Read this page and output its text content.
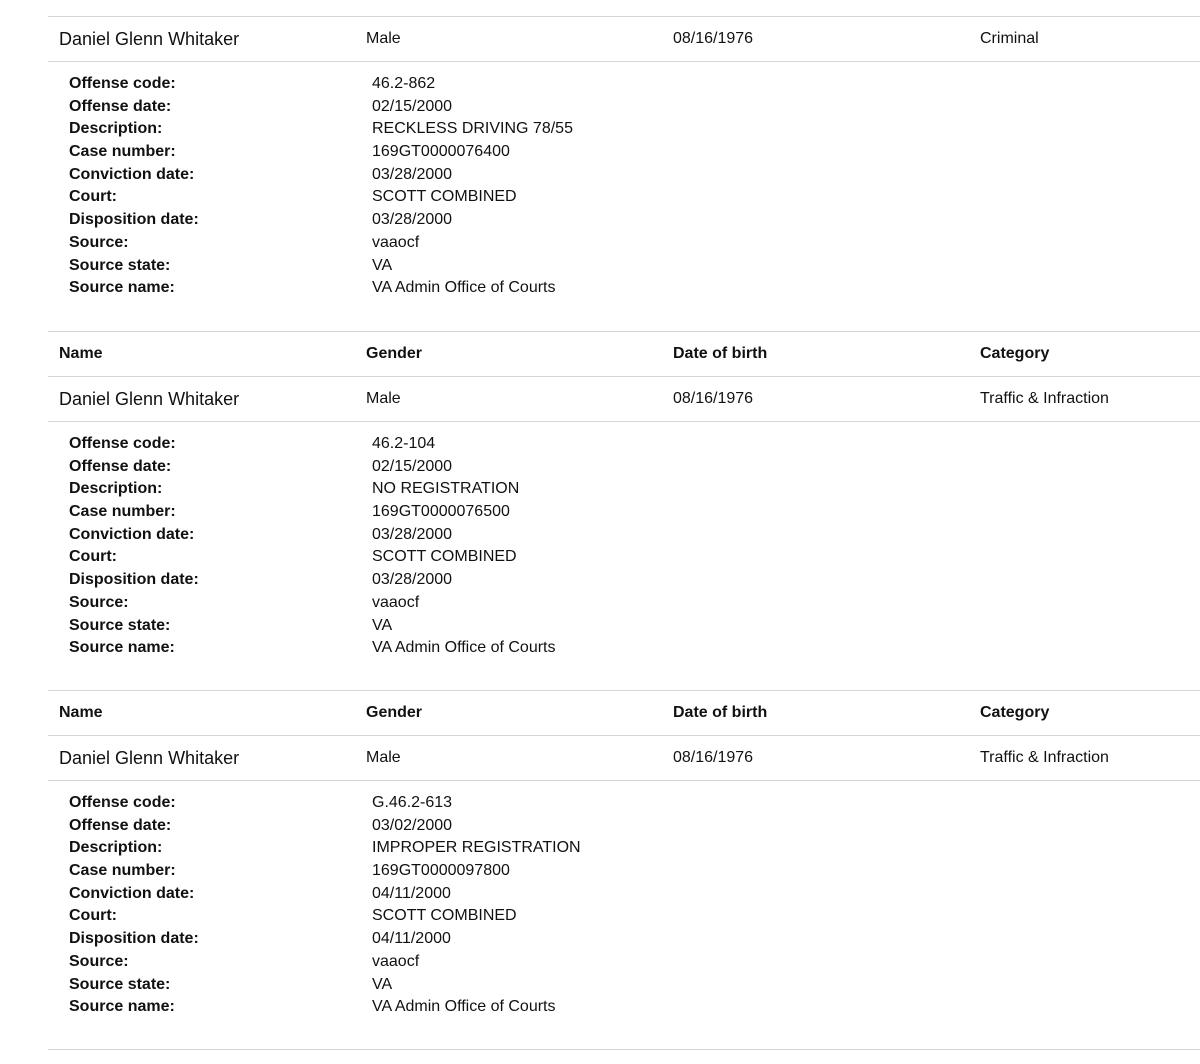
Daniel Glenn Whitaker	Male	08/16/1976	Criminal
Offense code:	46.2-862
Offense date:	02/15/2000
Description:	RECKLESS DRIVING 78/55
Case number:	169GT0000076400
Conviction date:	03/28/2000
Court:	SCOTT COMBINED
Disposition date:	03/28/2000
Source:	vaaocf
Source state:	VA
Source name:	VA Admin Office of Courts
Name	Gender	Date of birth	Category
Daniel Glenn Whitaker	Male	08/16/1976	Traffic & Infraction
Offense code:	46.2-104
Offense date:	02/15/2000
Description:	NO REGISTRATION
Case number:	169GT0000076500
Conviction date:	03/28/2000
Court:	SCOTT COMBINED
Disposition date:	03/28/2000
Source:	vaaocf
Source state:	VA
Source name:	VA Admin Office of Courts
Name	Gender	Date of birth	Category
Daniel Glenn Whitaker	Male	08/16/1976	Traffic & Infraction
Offense code:	G.46.2-613
Offense date:	03/02/2000
Description:	IMPROPER REGISTRATION
Case number:	169GT0000097800
Conviction date:	04/11/2000
Court:	SCOTT COMBINED
Disposition date:	04/11/2000
Source:	vaaocf
Source state:	VA
Source name:	VA Admin Office of Courts
